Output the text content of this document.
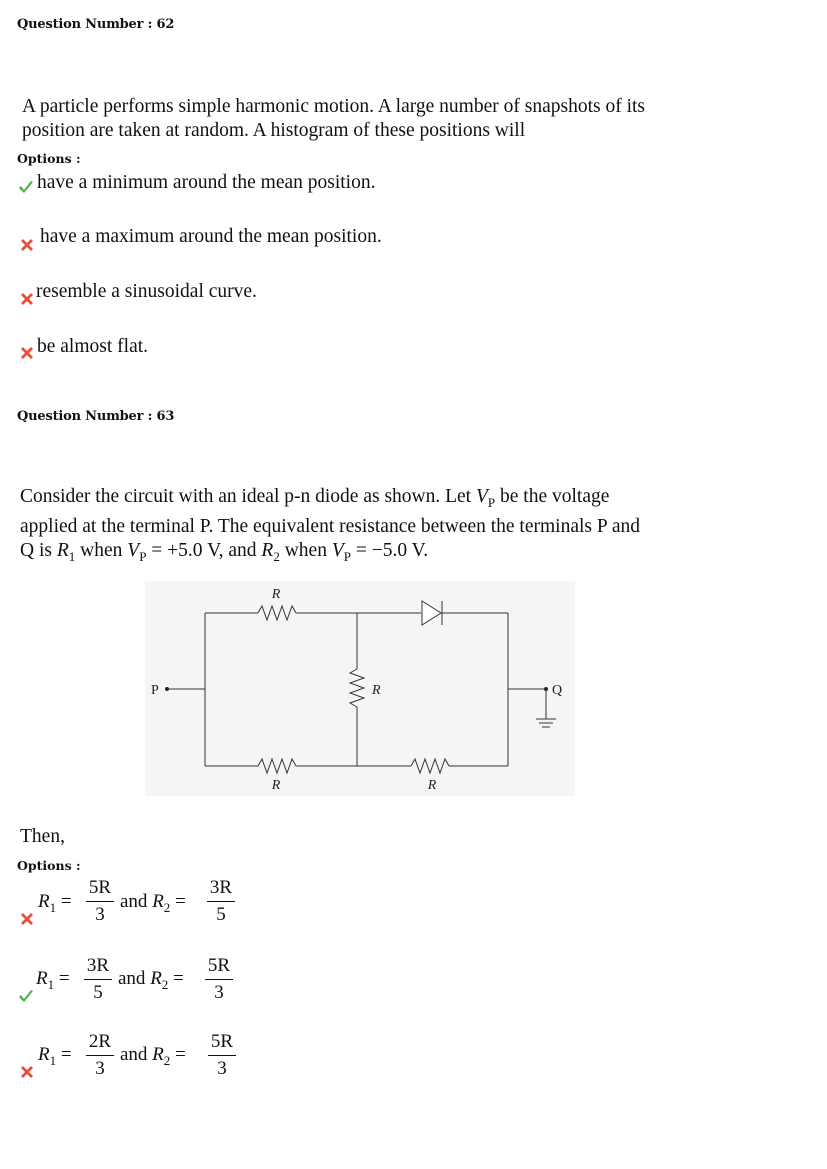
Question Number : 62
A particle performs simple harmonic motion. A large number of snapshots of its
position are taken at random. A histogram of these positions will
Options :
have a minimum around the mean position.
have a maximum around the mean position.
resemble a sinusoidal curve.
be almost flat.
Question Number : 63
Consider the circuit with an ideal p-n diode as shown. Let $V_P$ be the voltage
applied at the terminal P. The equivalent resistance between the terminals P and
Q is $R_1$ when $V_P = +5.0$ V, and $R_2$ when $V_P = -5.0$ V.
R
R
R	R
P	Q
Then,
Options :
$R_1$ =
5R
3
and $R_2$ =
3R
5
$R_1$ =
3R
5
and $R_2$ =
5R
3
$R_1$ =
2R
3
and $R_2$ =
5R
3
